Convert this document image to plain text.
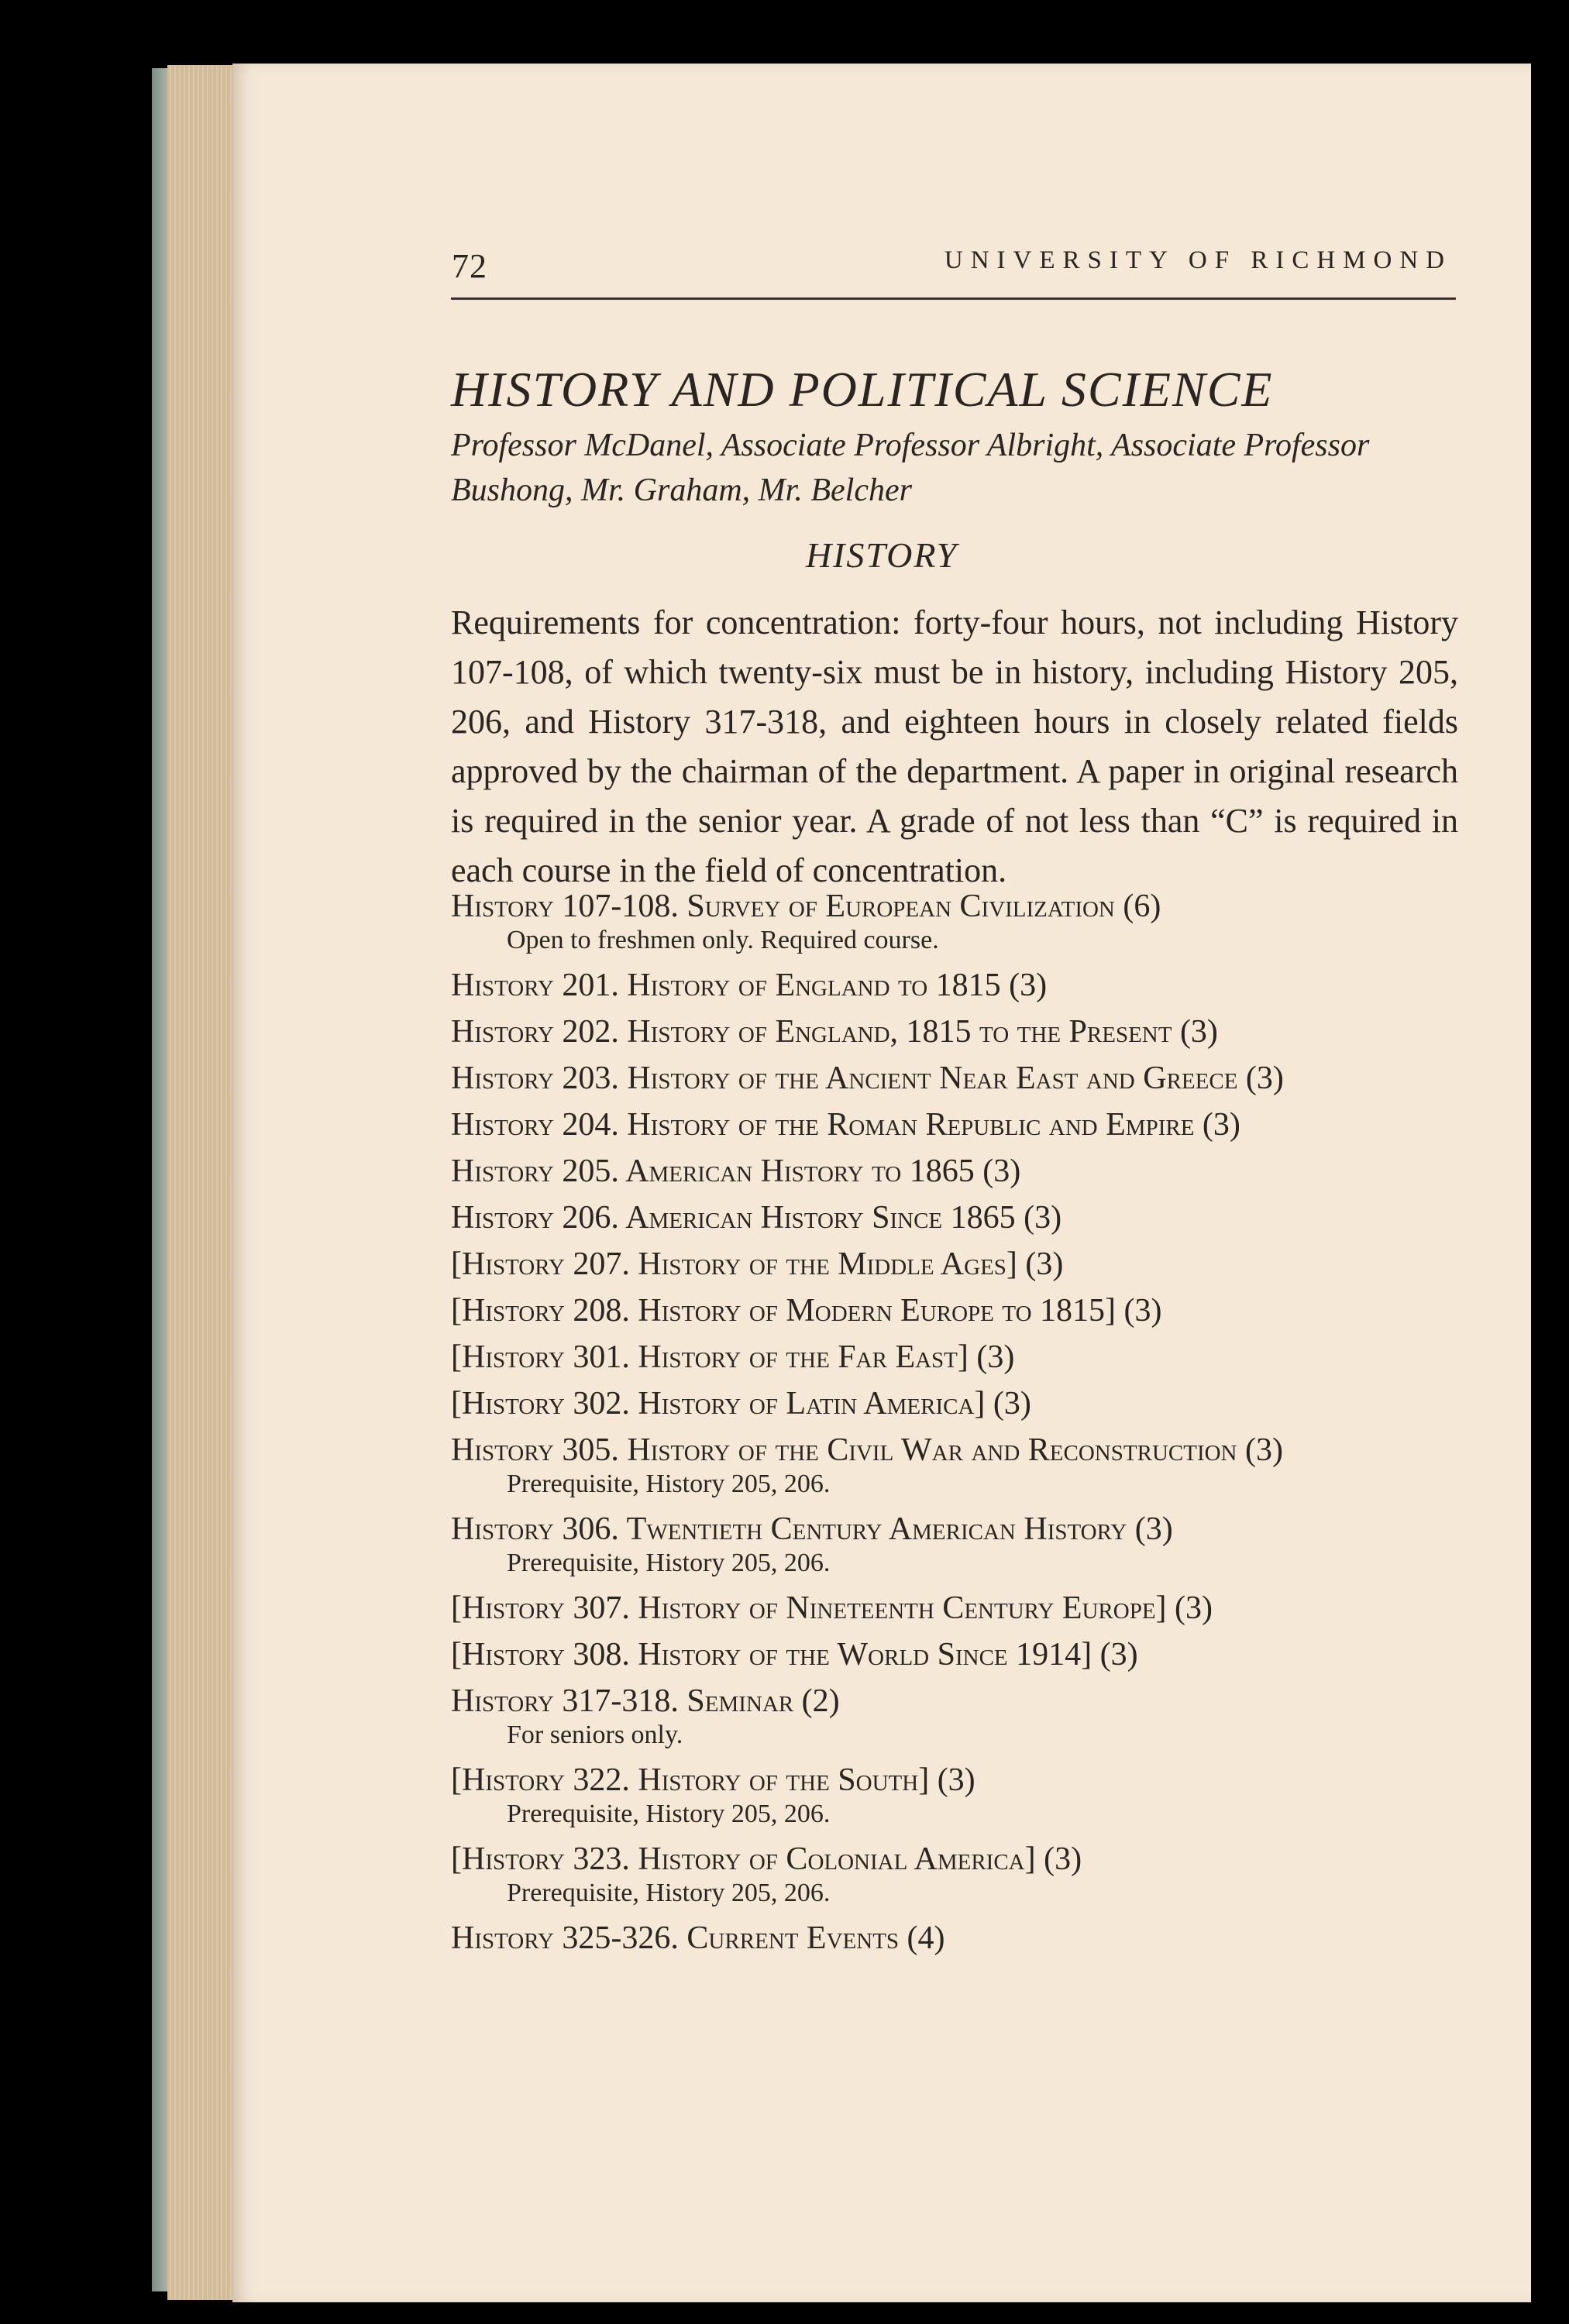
72	UNIVERSITY OF RICHMOND
HISTORY AND POLITICAL SCIENCE
Professor McDanel, Associate Professor Albright, Associate Professor Bushong, Mr. Graham, Mr. Belcher
HISTORY
Requirements for concentration: forty-four hours, not including History 107-108, of which twenty-six must be in history, including History 205, 206, and History 317-318, and eighteen hours in closely related fields approved by the chairman of the department. A paper in original research is required in the senior year. A grade of not less than “C” is required in each course in the field of concentration.
History 107-108. Survey of European Civilization (6)
Open to freshmen only. Required course.
History 201. History of England to 1815 (3)
History 202. History of England, 1815 to the Present (3)
History 203. History of the Ancient Near East and Greece (3)
History 204. History of the Roman Republic and Empire (3)
History 205. American History to 1865 (3)
History 206. American History Since 1865 (3)
[History 207. History of the Middle Ages] (3)
[History 208. History of Modern Europe to 1815] (3)
[History 301. History of the Far East] (3)
[History 302. History of Latin America] (3)
History 305. History of the Civil War and Reconstruction (3)
Prerequisite, History 205, 206.
History 306. Twentieth Century American History (3)
Prerequisite, History 205, 206.
[History 307. History of Nineteenth Century Europe] (3)
[History 308. History of the World Since 1914] (3)
History 317-318. Seminar (2)
For seniors only.
[History 322. History of the South] (3)
Prerequisite, History 205, 206.
[History 323. History of Colonial America] (3)
Prerequisite, History 205, 206.
History 325-326. Current Events (4)
